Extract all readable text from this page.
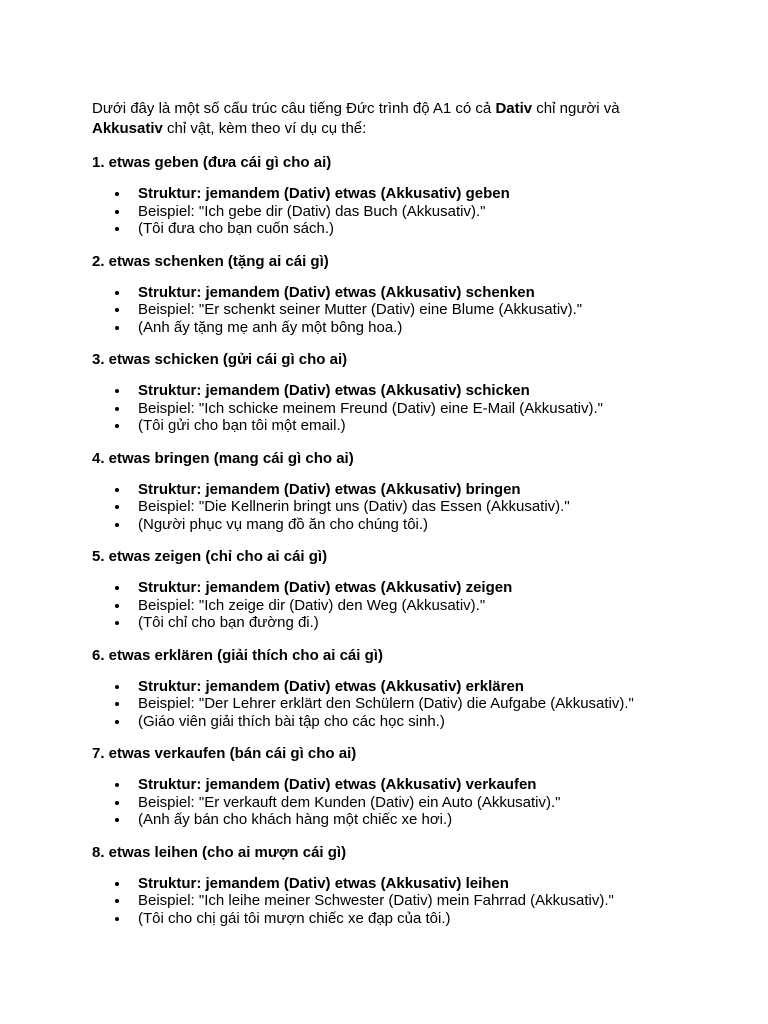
Dưới đây là một số cấu trúc câu tiếng Đức trình độ A1 có cả Dativ chỉ người và
Akkusativ chỉ vật, kèm theo ví dụ cụ thể:

1. etwas geben (đưa cái gì cho ai)

Struktur: jemandem (Dativ) etwas (Akkusativ) geben
Beispiel: "Ich gebe dir (Dativ) das Buch (Akkusativ)."
(Tôi đưa cho bạn cuốn sách.)

2. etwas schenken (tặng ai cái gì)

Struktur: jemandem (Dativ) etwas (Akkusativ) schenken
Beispiel: "Er schenkt seiner Mutter (Dativ) eine Blume (Akkusativ)."
(Anh ấy tặng mẹ anh ấy một bông hoa.)

3. etwas schicken (gửi cái gì cho ai)

Struktur: jemandem (Dativ) etwas (Akkusativ) schicken
Beispiel: "Ich schicke meinem Freund (Dativ) eine E-Mail (Akkusativ)."
(Tôi gửi cho bạn tôi một email.)

4. etwas bringen (mang cái gì cho ai)

Struktur: jemandem (Dativ) etwas (Akkusativ) bringen
Beispiel: "Die Kellnerin bringt uns (Dativ) das Essen (Akkusativ)."
(Người phục vụ mang đồ ăn cho chúng tôi.)

5. etwas zeigen (chỉ cho ai cái gì)

Struktur: jemandem (Dativ) etwas (Akkusativ) zeigen
Beispiel: "Ich zeige dir (Dativ) den Weg (Akkusativ)."
(Tôi chỉ cho bạn đường đi.)

6. etwas erklären (giải thích cho ai cái gì)

Struktur: jemandem (Dativ) etwas (Akkusativ) erklären
Beispiel: "Der Lehrer erklärt den Schülern (Dativ) die Aufgabe (Akkusativ)."
(Giáo viên giải thích bài tập cho các học sinh.)

7. etwas verkaufen (bán cái gì cho ai)

Struktur: jemandem (Dativ) etwas (Akkusativ) verkaufen
Beispiel: "Er verkauft dem Kunden (Dativ) ein Auto (Akkusativ)."
(Anh ấy bán cho khách hàng một chiếc xe hơi.)

8. etwas leihen (cho ai mượn cái gì)

Struktur: jemandem (Dativ) etwas (Akkusativ) leihen
Beispiel: "Ich leihe meiner Schwester (Dativ) mein Fahrrad (Akkusativ)."
(Tôi cho chị gái tôi mượn chiếc xe đạp của tôi.)
